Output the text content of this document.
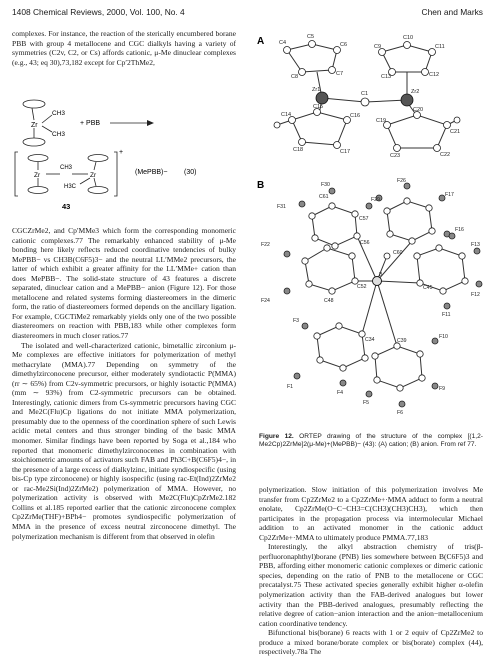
1408 Chemical Reviews, 2000, Vol. 100, No. 4	Chen and Marks

complexes. For instance, the reaction of the sterically encumbered borane PBB with group 4 metallocene and CGC dialkyls having a variety of symmetries (C2v, C2, or Cs) affords cationic, μ-Me dinuclear complexes (e.g., 43; eq 30),73,182 except for Cp′2ThMe2,

Zr
CH3
CH3
+ PBB
Zr
CH3
Zr
H3C
+
(MePBB)− (30)
43

CGCZrMe2, and Cp′MMe3 which form the corresponding monomeric cationic complexes.77 The remarkably enhanced stability of μ-Me bonding here likely reflects reduced coordinative tendencies of bulky MePBB− vs CH3B(C6F5)3− and the neutral LL′MMe2 precursors, the latter of which exhibit a greater affinity for the LL′MMe+ cation than does MePBB−. The solid-state structure of 43 features a discrete separated, dinuclear cation and a MePBB− anion (Figure 12). For those metallocene and related systems forming diastereomers in the dimeric form, the ratio of diastereomers formed depends on the ancillary ligation. For example, CGCTiMe2 remarkably yields only one of the two possible diastereomers on reaction with PBB,183 while other complexes form diastereomers in much closer ratios.77

The isolated and well-characterized cationic, bimetallic zirconium μ-Me complexes are effective initiators for polymerization of methyl methacrylate (MMA).77 Depending on symmetry of the dimethylzirconocene precursor, either moderately syndiotactic P(MMA) (rr ∼ 65%) from C2v-symmetric precursors, or highly isotactic P(MMA) (mm ∼ 93%) from C2-symmetric precursors can be obtained. Interestingly, cationic dimers from Cs-symmetric precursors having CGC and Me2C(Flu)Cp ligations do not initiate MMA polymerization, presumably due to the openness of the coordination sphere of such Lewis acidic metal centers and thus stronger binding of the basic MMA monomer. Similar findings have been reported by Soga et al.,184 who reported that monomeric dimethylzirconocenes in combination with stoichiometric amounts of activators such FAB and Ph3C+B(C6F5)4−, in the presence of a large excess of dialkylzinc, initiate syndiospecific (using bis-Cp type zirconocene) or highly isospecific (using rac-Et(Ind)2ZrMe2 or rac-Me2Si(Ind)2ZrMe2) polymerization of MMA. However, no polymerization activity is observed with Me2C(Flu)CpZrMe2.182 Collins et al.185 reported earlier that the cationic zirconocene complex Cp2ZrMe(THF)+BPh4− promotes syndiospecific polymerization of MMA in the presence of excess neutral zirconocene dimethyl. The polymerization mechanism is different from that observed in olefin

A	C4
C5
C6
C7
C8
C9
C10
C11
C12
C13
C14
C15
C16
C17
C18
C19
C20
C21
C22
C23
C1
Zr1	Zr2
B
B
F31
F30
F29
F26
F17
F16
F13
F12
F11
F22
F24
F1
F3
F4
F5
F6
F9
F10
C60
C61
C57
C56
C52
C48
C45
C39
C34
Figure 12. ORTEP drawing of the structure of the complex [(1,2-Me2Cp)2ZrMe]2(μ-Me)+(MePBB)− (43): (A) cation; (B) anion. From ref 77.

polymerization. Slow initiation of this polymerization involves Me transfer from Cp2ZrMe2 to a Cp2ZrMe+·MMA adduct to form a neutral enolate, Cp2ZrMe(O−C−CH3=C(CH3)(CH3)CH3), which then participates in the propagation process via intermolecular Michael addition to an activated monomer in the cationic adduct Cp2ZrMe+·MMA to ultimately produce PMMA.77,183

Interestingly, the alkyl abstraction chemistry of tris(β-perfluoronaphthyl)borane (PNB) lies somewhere between B(C6F5)3 and PBB, affording either monomeric cationic complexes or dimeric cationic species, depending on the ratio of PNB to the metallocene or CGC precatalyst.75 These activated species generally exhibit higher α-olefin polymerization activity than the FAB-derived analogues but lower activity than the PBB-derived analogues, presumably reflecting the relative degree of cation−anion interaction and the anion−metallocenium cation coordinative tendency.

Bifunctional bis(borane) 6 reacts with 1 or 2 equiv of Cp2ZrMe2 to produce a mixed borane/borate complex or bis(borate) complex (44), respectively.78a The
